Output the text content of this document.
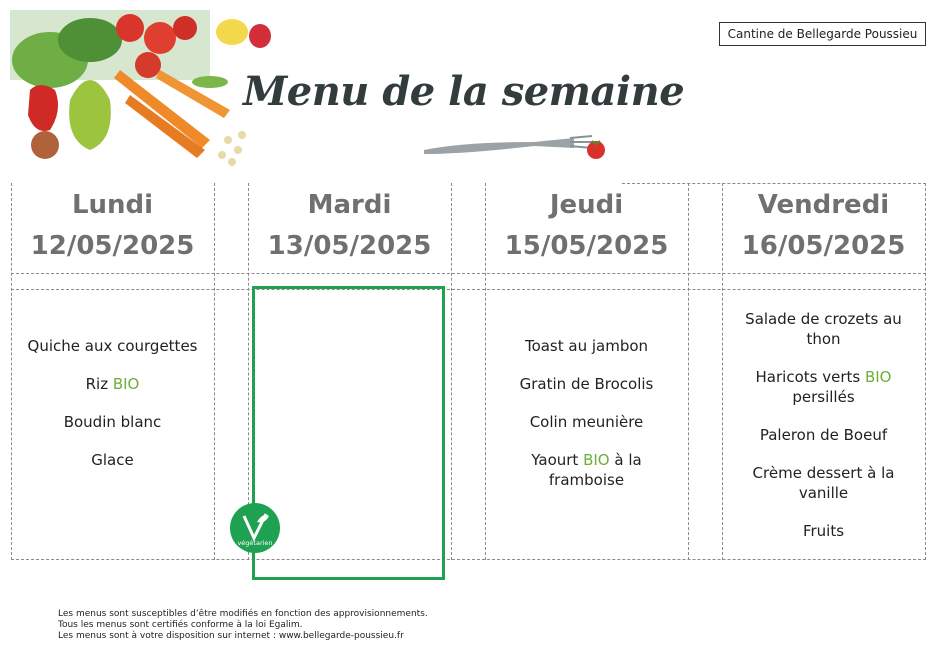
Menu de la semaine
Cantine de Bellegarde Poussieu
Lundi
12/05/2025
Mardi
13/05/2025
Jeudi
15/05/2025
Vendredi
16/05/2025
Quiche aux courgettes
Riz BIO
Boudin blanc
Glace
Toast au jambon
Gratin de Brocolis
Colin meunière
Yaourt BIO à la framboise
Salade de crozets au thon
Haricots verts BIO persillés
Paleron de Boeuf
Crème dessert à la vanille
Fruits
végétarien
Les menus sont susceptibles d’être modifiés en fonction des approvisionnements.
Tous les menus sont certifiés conforme à la loi Egalim.
Les menus sont à votre disposition sur internet : www.bellegarde-poussieu.fr
